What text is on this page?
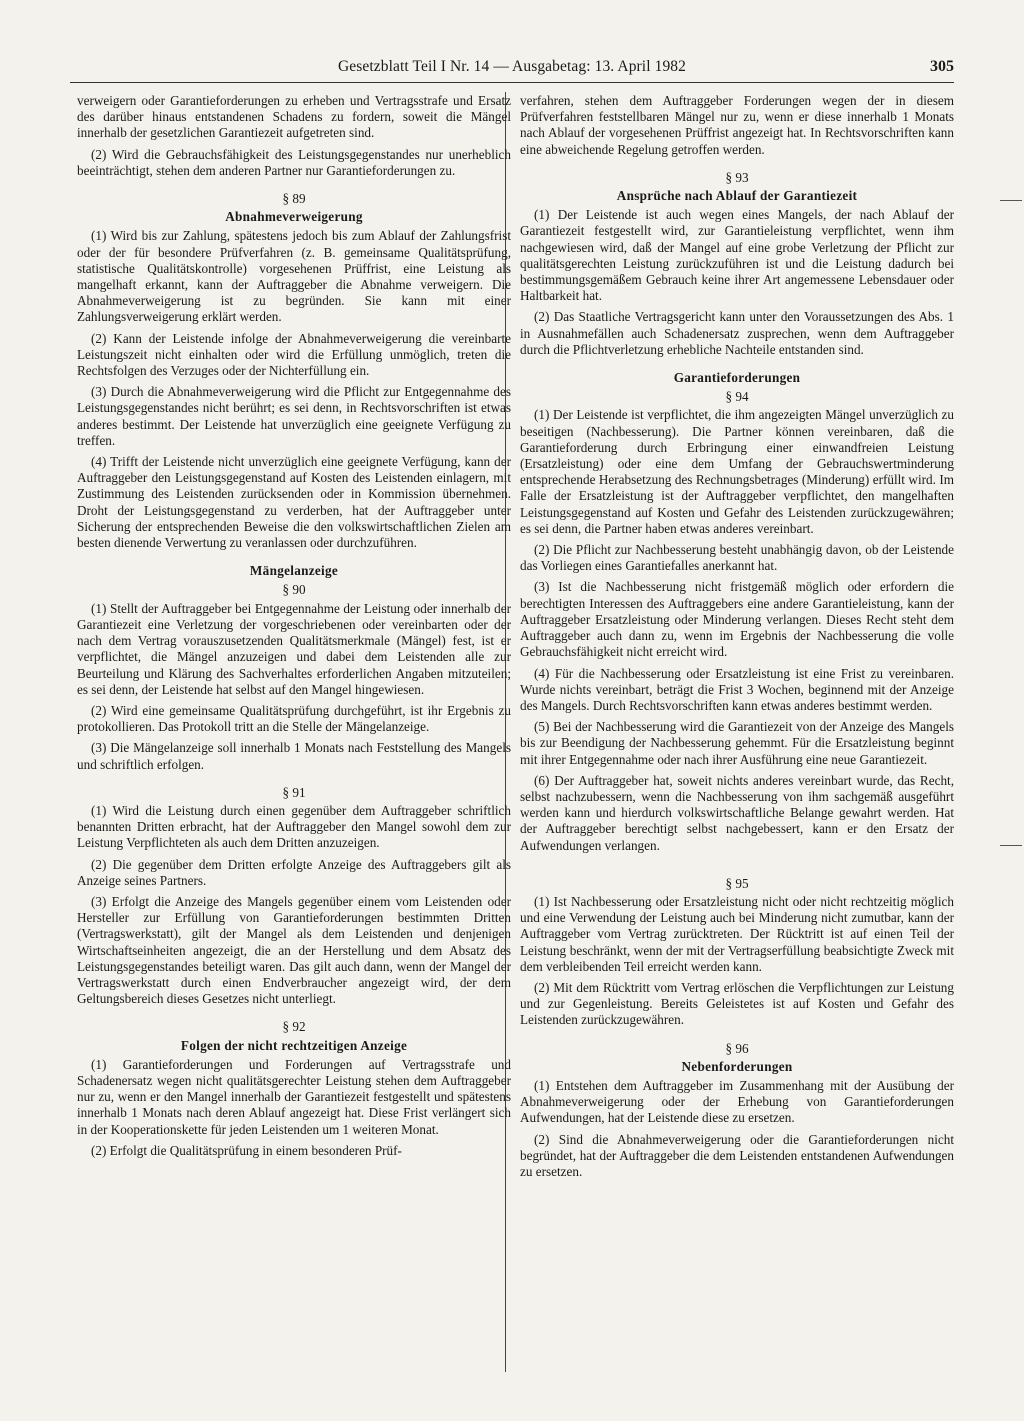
Gesetzblatt Teil I Nr. 14 — Ausgabetag: 13. April 1982	305

verweigern oder Garantieforderungen zu erheben und Vertragsstrafe und Ersatz des darüber hinaus entstandenen Schadens zu fordern, soweit die Mängel innerhalb der gesetzlichen Garantiezeit aufgetreten sind.

(2) Wird die Gebrauchsfähigkeit des Leistungsgegenstandes nur unerheblich beeinträchtigt, stehen dem anderen Partner nur Garantieforderungen zu.

§ 89
Abnahmeverweigerung

(1) Wird bis zur Zahlung, spätestens jedoch bis zum Ablauf der Zahlungsfrist oder der für besondere Prüfverfahren (z. B. gemeinsame Qualitätsprüfung, statistische Qualitätskontrolle) vorgesehenen Prüffrist, eine Leistung als mangelhaft erkannt, kann der Auftraggeber die Abnahme verweigern. Die Abnahmeverweigerung ist zu begründen. Sie kann mit einer Zahlungsverweigerung erklärt werden.

(2) Kann der Leistende infolge der Abnahmeverweigerung die vereinbarte Leistungszeit nicht einhalten oder wird die Erfüllung unmöglich, treten die Rechtsfolgen des Verzuges oder der Nichterfüllung ein.

(3) Durch die Abnahmeverweigerung wird die Pflicht zur Entgegennahme des Leistungsgegenstandes nicht berührt; es sei denn, in Rechtsvorschriften ist etwas anderes bestimmt. Der Leistende hat unverzüglich eine geeignete Verfügung zu treffen.

(4) Trifft der Leistende nicht unverzüglich eine geeignete Verfügung, kann der Auftraggeber den Leistungsgegenstand auf Kosten des Leistenden einlagern, mit Zustimmung des Leistenden zurücksenden oder in Kommission übernehmen. Droht der Leistungsgegenstand zu verderben, hat der Auftraggeber unter Sicherung der entsprechenden Beweise die den volkswirtschaftlichen Zielen am besten dienende Verwertung zu veranlassen oder durchzuführen.

Mängelanzeige
§ 90

(1) Stellt der Auftraggeber bei Entgegennahme der Leistung oder innerhalb der Garantiezeit eine Verletzung der vorgeschriebenen oder vereinbarten oder der nach dem Vertrag vorauszusetzenden Qualitätsmerkmale (Mängel) fest, ist er verpflichtet, die Mängel anzuzeigen und dabei dem Leistenden alle zur Beurteilung und Klärung des Sachverhaltes erforderlichen Angaben mitzuteilen; es sei denn, der Leistende hat selbst auf den Mangel hingewiesen.

(2) Wird eine gemeinsame Qualitätsprüfung durchgeführt, ist ihr Ergebnis zu protokollieren. Das Protokoll tritt an die Stelle der Mängelanzeige.

(3) Die Mängelanzeige soll innerhalb 1 Monats nach Feststellung des Mangels und schriftlich erfolgen.

§ 91

(1) Wird die Leistung durch einen gegenüber dem Auftraggeber schriftlich benannten Dritten erbracht, hat der Auftraggeber den Mangel sowohl dem zur Leistung Verpflichteten als auch dem Dritten anzuzeigen.

(2) Die gegenüber dem Dritten erfolgte Anzeige des Auftraggebers gilt als Anzeige seines Partners.

(3) Erfolgt die Anzeige des Mangels gegenüber einem vom Leistenden oder Hersteller zur Erfüllung von Garantieforderungen bestimmten Dritten (Vertragswerkstatt), gilt der Mangel als dem Leistenden und denjenigen Wirtschaftseinheiten angezeigt, die an der Herstellung und dem Absatz des Leistungsgegenstandes beteiligt waren. Das gilt auch dann, wenn der Mangel der Vertragswerkstatt durch einen Endverbraucher angezeigt wird, der dem Geltungsbereich dieses Gesetzes nicht unterliegt.

§ 92
Folgen der nicht rechtzeitigen Anzeige

(1) Garantieforderungen und Forderungen auf Vertragsstrafe und Schadenersatz wegen nicht qualitätsgerechter Leistung stehen dem Auftraggeber nur zu, wenn er den Mangel innerhalb der Garantiezeit festgestellt und spätestens innerhalb 1 Monats nach deren Ablauf angezeigt hat. Diese Frist verlängert sich in der Kooperationskette für jeden Leistenden um 1 weiteren Monat.

(2) Erfolgt die Qualitätsprüfung in einem besonderen Prüf-

verfahren, stehen dem Auftraggeber Forderungen wegen der in diesem Prüfverfahren feststellbaren Mängel nur zu, wenn er diese innerhalb 1 Monats nach Ablauf der vorgesehenen Prüffrist angezeigt hat. In Rechtsvorschriften kann eine abweichende Regelung getroffen werden.

§ 93
Ansprüche nach Ablauf der Garantiezeit

(1) Der Leistende ist auch wegen eines Mangels, der nach Ablauf der Garantiezeit festgestellt wird, zur Garantieleistung verpflichtet, wenn ihm nachgewiesen wird, daß der Mangel auf eine grobe Verletzung der Pflicht zur qualitätsgerechten Leistung zurückzuführen ist und die Leistung dadurch bei bestimmungsgemäßem Gebrauch keine ihrer Art angemessene Lebensdauer oder Haltbarkeit hat.

(2) Das Staatliche Vertragsgericht kann unter den Voraussetzungen des Abs. 1 in Ausnahmefällen auch Schadenersatz zusprechen, wenn dem Auftraggeber durch die Pflichtverletzung erhebliche Nachteile entstanden sind.

Garantieforderungen
§ 94

(1) Der Leistende ist verpflichtet, die ihm angezeigten Mängel unverzüglich zu beseitigen (Nachbesserung). Die Partner können vereinbaren, daß die Garantieforderung durch Erbringung einer einwandfreien Leistung (Ersatzleistung) oder eine dem Umfang der Gebrauchswertminderung entsprechende Herabsetzung des Rechnungsbetrages (Minderung) erfüllt wird. Im Falle der Ersatzleistung ist der Auftraggeber verpflichtet, den mangelhaften Leistungsgegenstand auf Kosten und Gefahr des Leistenden zurückzugewähren; es sei denn, die Partner haben etwas anderes vereinbart.

(2) Die Pflicht zur Nachbesserung besteht unabhängig davon, ob der Leistende das Vorliegen eines Garantiefalles anerkannt hat.

(3) Ist die Nachbesserung nicht fristgemäß möglich oder erfordern die berechtigten Interessen des Auftraggebers eine andere Garantieleistung, kann der Auftraggeber Ersatzleistung oder Minderung verlangen. Dieses Recht steht dem Auftraggeber auch dann zu, wenn im Ergebnis der Nachbesserung die volle Gebrauchsfähigkeit nicht erreicht wird.

(4) Für die Nachbesserung oder Ersatzleistung ist eine Frist zu vereinbaren. Wurde nichts vereinbart, beträgt die Frist 3 Wochen, beginnend mit der Anzeige des Mangels. Durch Rechtsvorschriften kann etwas anderes bestimmt werden.

(5) Bei der Nachbesserung wird die Garantiezeit von der Anzeige des Mangels bis zur Beendigung der Nachbesserung gehemmt. Für die Ersatzleistung beginnt mit ihrer Entgegennahme oder nach ihrer Ausführung eine neue Garantiezeit.

(6) Der Auftraggeber hat, soweit nichts anderes vereinbart wurde, das Recht, selbst nachzubessern, wenn die Nachbesserung von ihm sachgemäß ausgeführt werden kann und hierdurch volkswirtschaftliche Belange gewahrt werden. Hat der Auftraggeber berechtigt selbst nachgebessert, kann er den Ersatz der Aufwendungen verlangen.

§ 95

(1) Ist Nachbesserung oder Ersatzleistung nicht oder nicht rechtzeitig möglich und eine Verwendung der Leistung auch bei Minderung nicht zumutbar, kann der Auftraggeber vom Vertrag zurücktreten. Der Rücktritt ist auf einen Teil der Leistung beschränkt, wenn der mit der Vertragserfüllung beabsichtigte Zweck mit dem verbleibenden Teil erreicht werden kann.

(2) Mit dem Rücktritt vom Vertrag erlöschen die Verpflichtungen zur Leistung und zur Gegenleistung. Bereits Geleistetes ist auf Kosten und Gefahr des Leistenden zurückzugewähren.

§ 96
Nebenforderungen

(1) Entstehen dem Auftraggeber im Zusammenhang mit der Ausübung der Abnahmeverweigerung oder der Erhebung von Garantieforderungen Aufwendungen, hat der Leistende diese zu ersetzen.

(2) Sind die Abnahmeverweigerung oder die Garantieforderungen nicht begründet, hat der Auftraggeber die dem Leistenden entstandenen Aufwendungen zu ersetzen.
